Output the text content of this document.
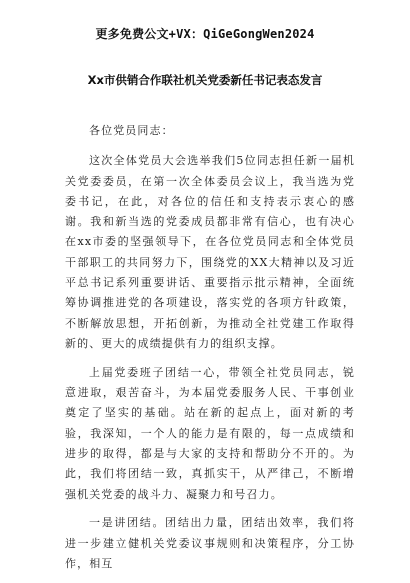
更多免费公文+VX：QiGeGongWen2024
Xx市供销合作联社机关党委新任书记表态发言

各位党员同志：

这次全体党员大会选举我们5位同志担任新一届机关党委委员，在第一次全体委员会议上，我当选为党委书记，在此，对各位的信任和支持表示衷心的感谢。我和新当选的党委成员都非常有信心，也有决心在xx市委的坚强领导下，在各位党员同志和全体党员干部职工的共同努力下，围绕党的XX大精神以及习近平总书记系列重要讲话、重要指示批示精神，全面统筹协调推进党的各项建设，落实党的各项方针政策，不断解放思想，开拓创新，为推动全社党建工作取得新的、更大的成绩提供有力的组织支撑。

上届党委班子团结一心，带领全社党员同志，锐意进取，艰苦奋斗，为本届党委服务人民、干事创业奠定了坚实的基础。站在新的起点上，面对新的考验，我深知，一个人的能力是有限的，每一点成绩和进步的取得，都是与大家的支持和帮助分不开的。为此，我们将团结一致，真抓实干，从严律己，不断增强机关党委的战斗力、凝聚力和号召力。

一是讲团结。团结出力量，团结出效率，我们将进一步建立健机关党委议事规则和决策程序，分工协作，相互
